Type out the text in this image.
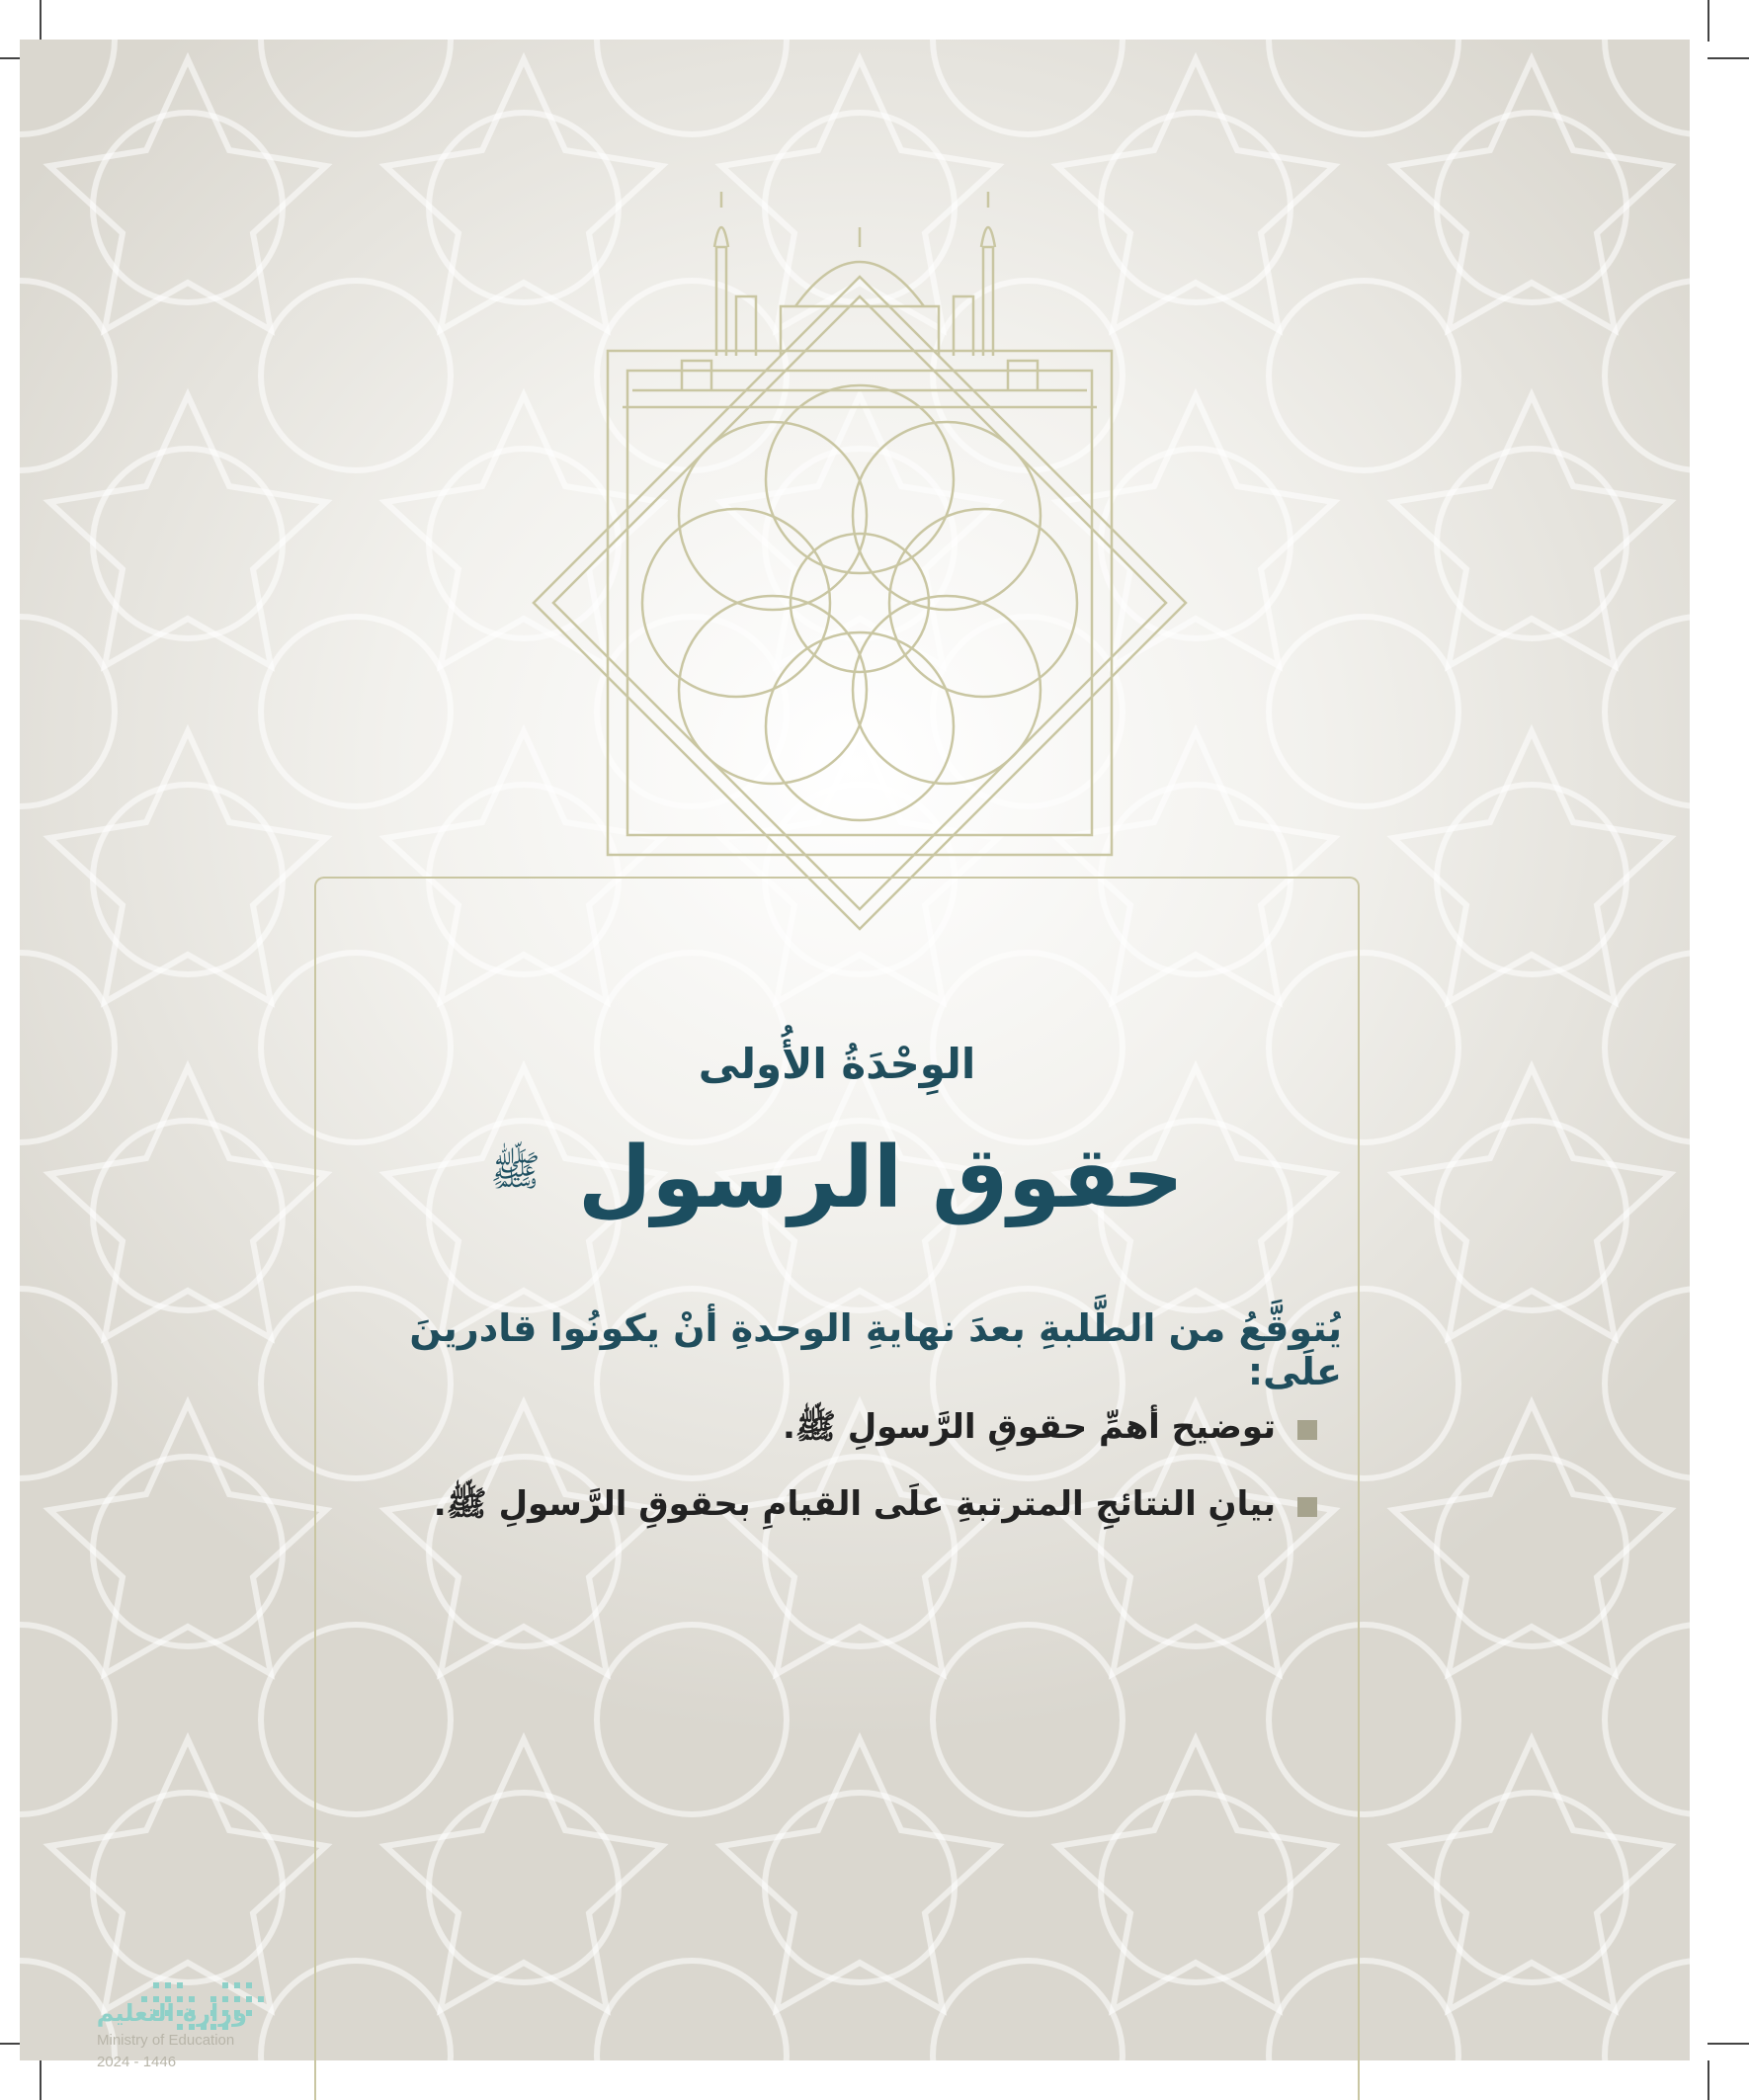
الوِحْدَةُ الأُولى
حقوق الرسول $^ﷺ$
يُتوقَّعُ من الطَّلبةِ بعدَ نهايةِ الوحدةِ أنْ يكونُوا قادرينَ علَى:
توضيح أهمِّ حقوقِ الرَّسولِ ﷺ.
بيانِ النتائجِ المترتبةِ علَى القيامِ بحقوقِ الرَّسولِ ﷺ.
وزارة التعليم
Ministry of Education
2024 - 1446
